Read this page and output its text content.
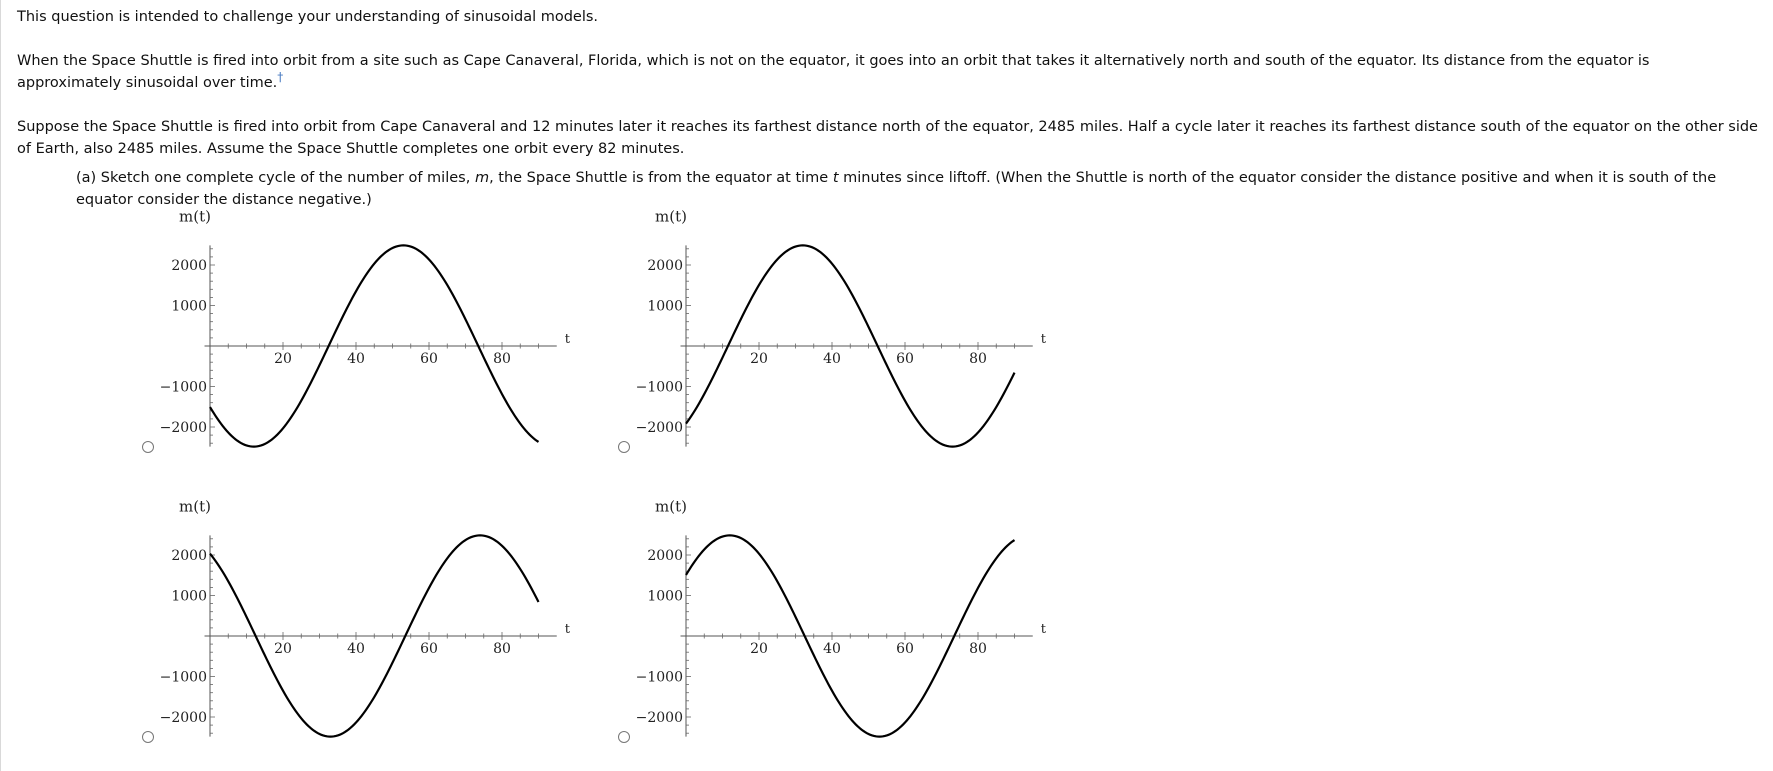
This question is intended to challenge your understanding of sinusoidal models.
When the Space Shuttle is fired into orbit from a site such as Cape Canaveral, Florida, which is not on the equator, it goes into an orbit that takes it alternatively north and south of the equator. Its distance from the equator is approximately sinusoidal over time.†
Suppose the Space Shuttle is fired into orbit from Cape Canaveral and 12 minutes later it reaches its farthest distance north of the equator, 2485 miles. Half a cycle later it reaches its farthest distance south of the equator on the other side of Earth, also 2485 miles. Assume the Space Shuttle completes one orbit every 82 minutes.
(a) Sketch one complete cycle of the number of miles, m, the Space Shuttle is from the equator at time t minutes since liftoff. (When the Shuttle is north of the equator consider the distance positive and when it is south of the equator consider the distance negative.)
20	40	60	80
2000
1000
−1000
−2000
m(t)
t
20	40	60	80
2000
1000
−1000
−2000
m(t)
t
20	40	60	80
2000
1000
−1000
−2000
m(t)
t
20	40	60	80
2000
1000
−1000
−2000
m(t)
t
